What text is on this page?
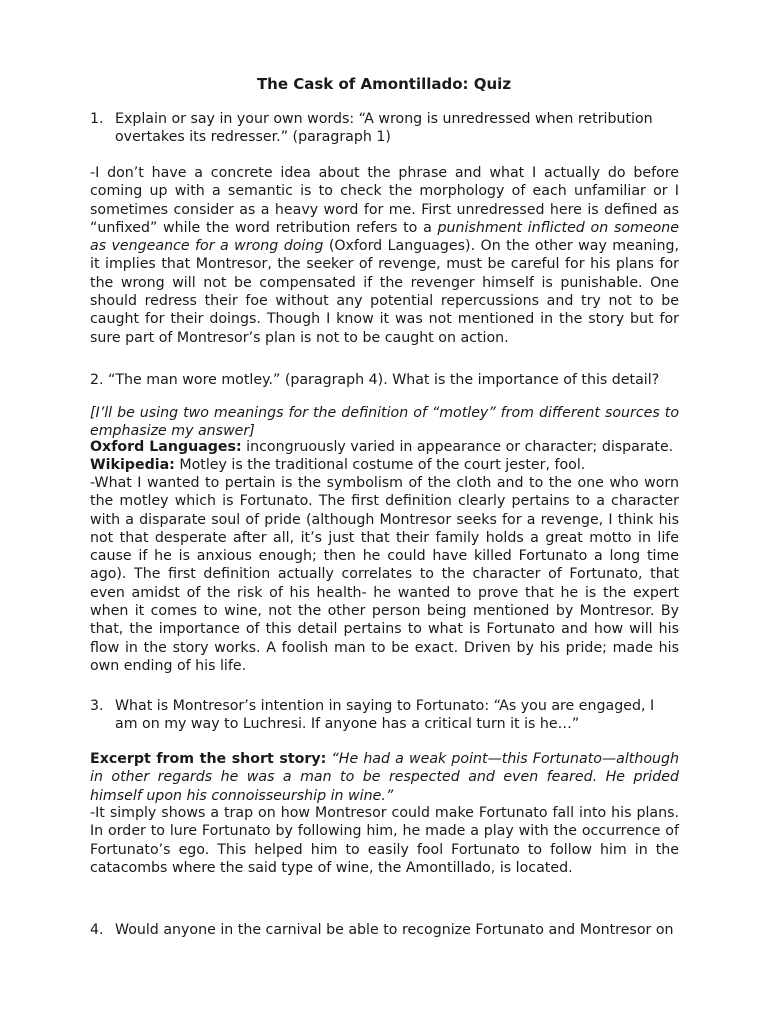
The Cask of Amontillado: Quiz
1. Explain or say in your own words: “A wrong is unredressed when retribution overtakes its redresser.” (paragraph 1)

-I don’t have a concrete idea about the phrase and what I actually do before coming up with a semantic is to check the morphology of each unfamiliar or I sometimes consider as a heavy word for me. First unredressed here is defined as “unfixed” while the word retribution refers to a punishment inflicted on someone as vengeance for a wrong doing (Oxford Languages). On the other way meaning, it implies that Montresor, the seeker of revenge, must be careful for his plans for the wrong will not be compensated if the revenger himself is punishable. One should redress their foe without any potential repercussions and try not to be caught for their doings. Though I know it was not mentioned in the story but for sure part of Montresor’s plan is not to be caught on action.

2. “The man wore motley.” (paragraph 4). What is the importance of this detail?

[I’ll be using two meanings for the definition of “motley” from different sources to emphasize my answer]

Oxford Languages: incongruously varied in appearance or character; disparate.

Wikipedia: Motley is the traditional costume of the court jester, fool.

-What I wanted to pertain is the symbolism of the cloth and to the one who worn the motley which is Fortunato. The first definition clearly pertains to a character with a disparate soul of pride (although Montresor seeks for a revenge, I think his not that desperate after all, it’s just that their family holds a great motto in life cause if he is anxious enough; then he could have killed Fortunato a long time ago). The first definition actually correlates to the character of Fortunato, that even amidst of the risk of his health- he wanted to prove that he is the expert when it comes to wine, not the other person being mentioned by Montresor. By that, the importance of this detail pertains to what is Fortunato and how will his flow in the story works. A foolish man to be exact. Driven by his pride; made his own ending of his life.

3. What is Montresor’s intention in saying to Fortunato: “As you are engaged, I am on my way to Luchresi. If anyone has a critical turn it is he…”

Excerpt from the short story: “He had a weak point—this Fortunato—although in other regards he was a man to be respected and even feared. He prided himself upon his connoisseurship in wine.”

-It simply shows a trap on how Montresor could make Fortunato fall into his plans. In order to lure Fortunato by following him, he made a play with the occurrence of Fortunato’s ego. This helped him to easily fool Fortunato to follow him in the catacombs where the said type of wine, the Amontillado, is located.

4. Would anyone in the carnival be able to recognize Fortunato and Montresor on
